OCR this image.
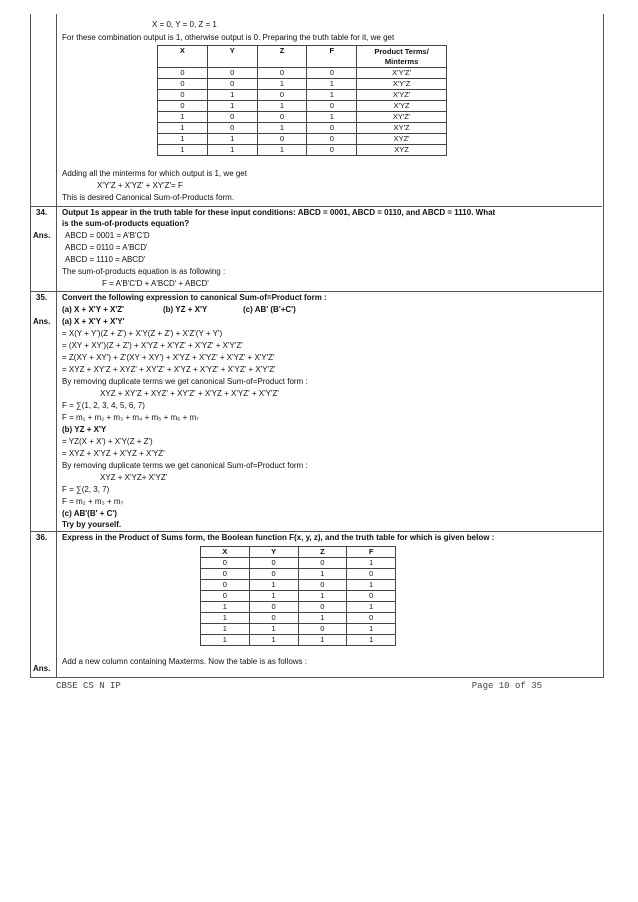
X = 0, Y = 0, Z = 1
For these combination output is 1, otherwise output is 0. Preparing the truth table for it, we get
X	Y	Z	F	Product Terms/ Minterms
0	0	0	0	X'Y'Z'
0	0	1	1	X'Y'Z
0	1	0	1	X'YZ'
0	1	1	0	X'YZ
1	0	0	1	XY'Z'
1	0	1	0	XY'Z
1	1	0	0	XYZ'
1	1	1	0	XYZ
Adding all the minterms for which output is 1, we get
X'Y'Z + X'YZ' + XY'Z'= F
This is desired Canonical Sum-of-Products form.
34. Output 1s appear in the truth table for these input conditions: ABCD = 0001, ABCD = 0110, and ABCD = 1110. What
is the sum-of-products equation?
Ans. ABCD = 0001 = A'B'C'D
ABCD = 0110 = A'BCD'
ABCD = 1110 = ABCD'
The sum-of-products equation is as following :
F = A'B'C'D + A'BCD' + ABCD'
35. Convert the following expression to canonical Sum-of=Product form :
(a) X + X'Y + X'Z'	(b) YZ + X'Y	(c) AB' (B'+C')
Ans. (a) X + X'Y + X'Y'
= X(Y + Y')(Z + Z') + X'Y(Z + Z') + X'Z'(Y + Y')
= (XY + XY')(Z + Z') + X'YZ + X'YZ' + X'YZ' + X'Y'Z'
= Z(XY + XY') + Z'(XY + XY') + X'YZ + X'YZ' + X'YZ' + X'Y'Z'
= XYZ + XY'Z + XYZ' + XY'Z' + X'YZ + X'YZ' + X'YZ' + X'Y'Z'
By removing duplicate terms we get canonical Sum-of=Product form :
XYZ + XY'Z + XYZ' + XY'Z' + X'YZ + X'YZ' + X'Y'Z'
F = ∑(1, 2, 3, 4, 5, 6, 7)
F = m₁ + m₂ + m₃ + m₄ + m₅ + m₆ + m₇
(b) YZ + X'Y
= YZ(X + X') + X'Y(Z + Z')
= XYZ + X'YZ + X'YZ + X'YZ'
By removing duplicate terms we get canonical Sum-of=Product form :
XYZ + X'YZ+ X'YZ'
F = ∑(2, 3, 7)
F = m₂ + m₃ + m₇
(c) AB'(B' + C')
Try by yourself.
36. Express in the Product of Sums form, the Boolean function F(x, y, z), and the truth table for which is given below :
X	Y	Z	F
0	0	0	1
0	0	1	0
0	1	0	1
0	1	1	0
1	0	0	1
1	0	1	0
1	1	0	1
1	1	1	1
Add a new column containing Maxterms. Now the table is as follows :
Ans.
CBSE CS N IP	Page 10 of 35
